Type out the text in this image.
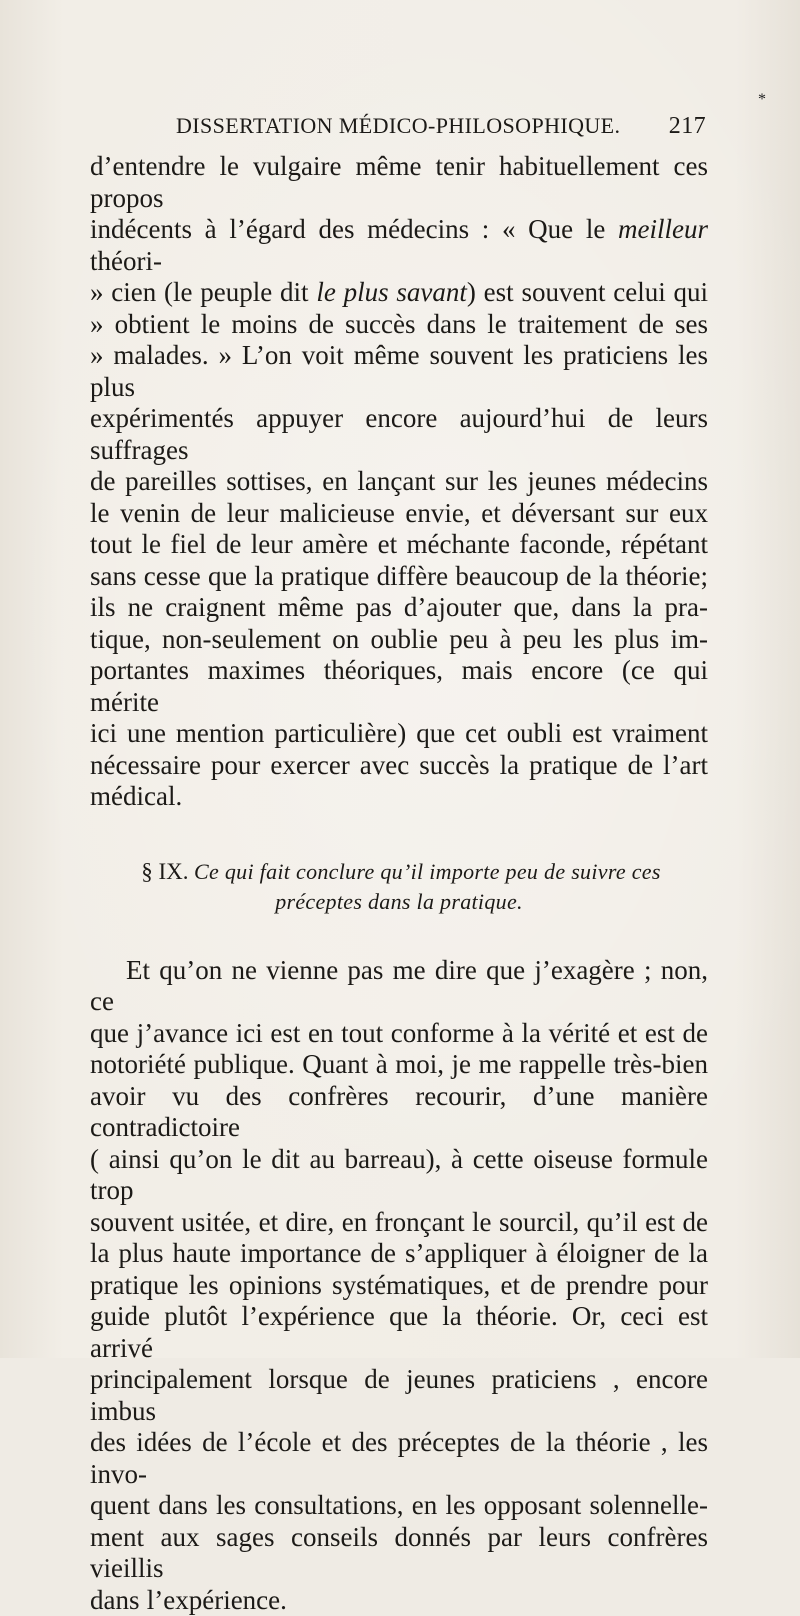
*
DISSERTATION MÉDICO-PHILOSOPHIQUE. 217

d’entendre le vulgaire même tenir habituellement ces propos

indécents à l’égard des médecins : « Que le meilleur théori-

» cien (le peuple dit le plus savant) est souvent celui qui

» obtient le moins de succès dans le traitement de ses

» malades. » L’on voit même souvent les praticiens les plus

expérimentés appuyer encore aujourd’hui de leurs suffrages

de pareilles sottises, en lançant sur les jeunes médecins

le venin de leur malicieuse envie, et déversant sur eux

tout le fiel de leur amère et méchante faconde, répétant

sans cesse que la pratique diffère beaucoup de la théorie;

ils ne craignent même pas d’ajouter que, dans la pra-

tique, non-seulement on oublie peu à peu les plus im-

portantes maximes théoriques, mais encore (ce qui mérite

ici une mention particulière) que cet oubli est vraiment

nécessaire pour exercer avec succès la pratique de l’art

médical.

§ IX. Ce qui fait conclure qu’il importe peu de suivre ces
préceptes dans la pratique.

Et qu’on ne vienne pas me dire que j’exagère ; non, ce

que j’avance ici est en tout conforme à la vérité et est de

notoriété publique. Quant à moi, je me rappelle très-bien

avoir vu des confrères recourir, d’une manière contradictoire

( ainsi qu’on le dit au barreau), à cette oiseuse formule trop

souvent usitée, et dire, en fronçant le sourcil, qu’il est de

la plus haute importance de s’appliquer à éloigner de la

pratique les opinions systématiques, et de prendre pour

guide plutôt l’expérience que la théorie. Or, ceci est arrivé

principalement lorsque de jeunes praticiens , encore imbus

des idées de l’école et des préceptes de la théorie , les invo-

quent dans les consultations, en les opposant solennelle-

ment aux sages conseils donnés par leurs confrères vieillis

dans l’expérience.
